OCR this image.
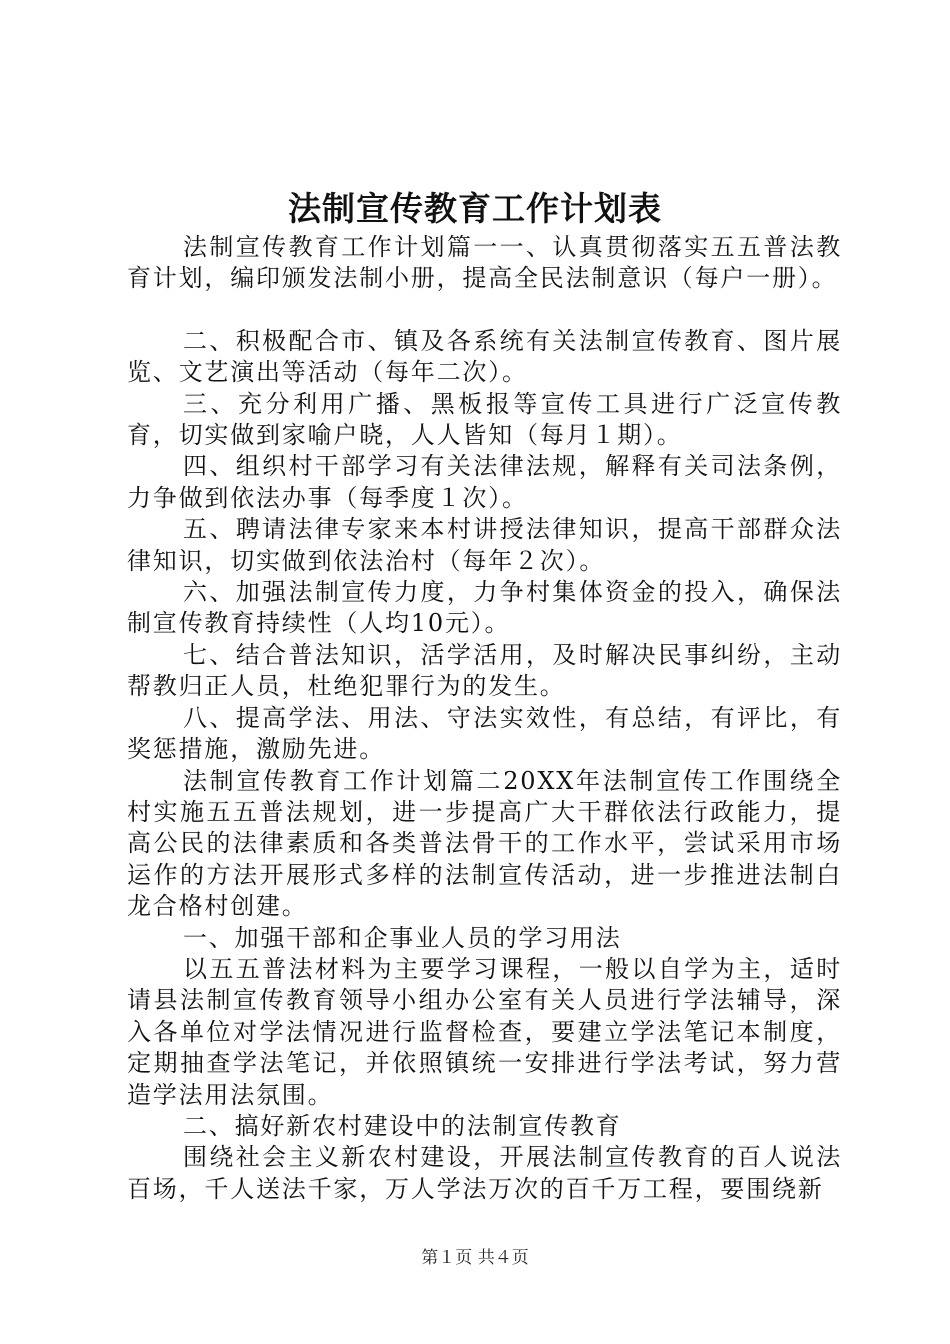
法制宣传教育工作计划表

法制宣传教育工作计划篇一一、认真贯彻落实五五普法教育计划，编印颁发法制小册，提高全民法制意识（每户一册）。

二、积极配合市、镇及各系统有关法制宣传教育、图片展览、文艺演出等活动（每年二次）。

三、充分利用广播、黑板报等宣传工具进行广泛宣传教育，切实做到家喻户晓，人人皆知（每月１期）。

四、组织村干部学习有关法律法规，解释有关司法条例，力争做到依法办事（每季度１次）。

五、聘请法律专家来本村讲授法律知识，提高干部群众法律知识，切实做到依法治村（每年２次）。

六、加强法制宣传力度，力争村集体资金的投入，确保法制宣传教育持续性（人均10元）。

七、结合普法知识，活学活用，及时解决民事纠纷，主动帮教归正人员，杜绝犯罪行为的发生。

八、提高学法、用法、守法实效性，有总结，有评比，有奖惩措施，激励先进。

法制宣传教育工作计划篇二20XX年法制宣传工作围绕全村实施五五普法规划，进一步提高广大干群依法行政能力，提高公民的法律素质和各类普法骨干的工作水平，尝试采用市场运作的方法开展形式多样的法制宣传活动，进一步推进法制白龙合格村创建。

一、加强干部和企事业人员的学习用法

以五五普法材料为主要学习课程，一般以自学为主，适时请县法制宣传教育领导小组办公室有关人员进行学法辅导，深入各单位对学法情况进行监督检查，要建立学法笔记本制度，定期抽查学法笔记，并依照镇统一安排进行学法考试，努力营造学法用法氛围。

二、搞好新农村建设中的法制宣传教育

围绕社会主义新农村建设，开展法制宣传教育的百人说法百场，千人送法千家，万人学法万次的百千万工程，要围绕新

第１页 共４页
